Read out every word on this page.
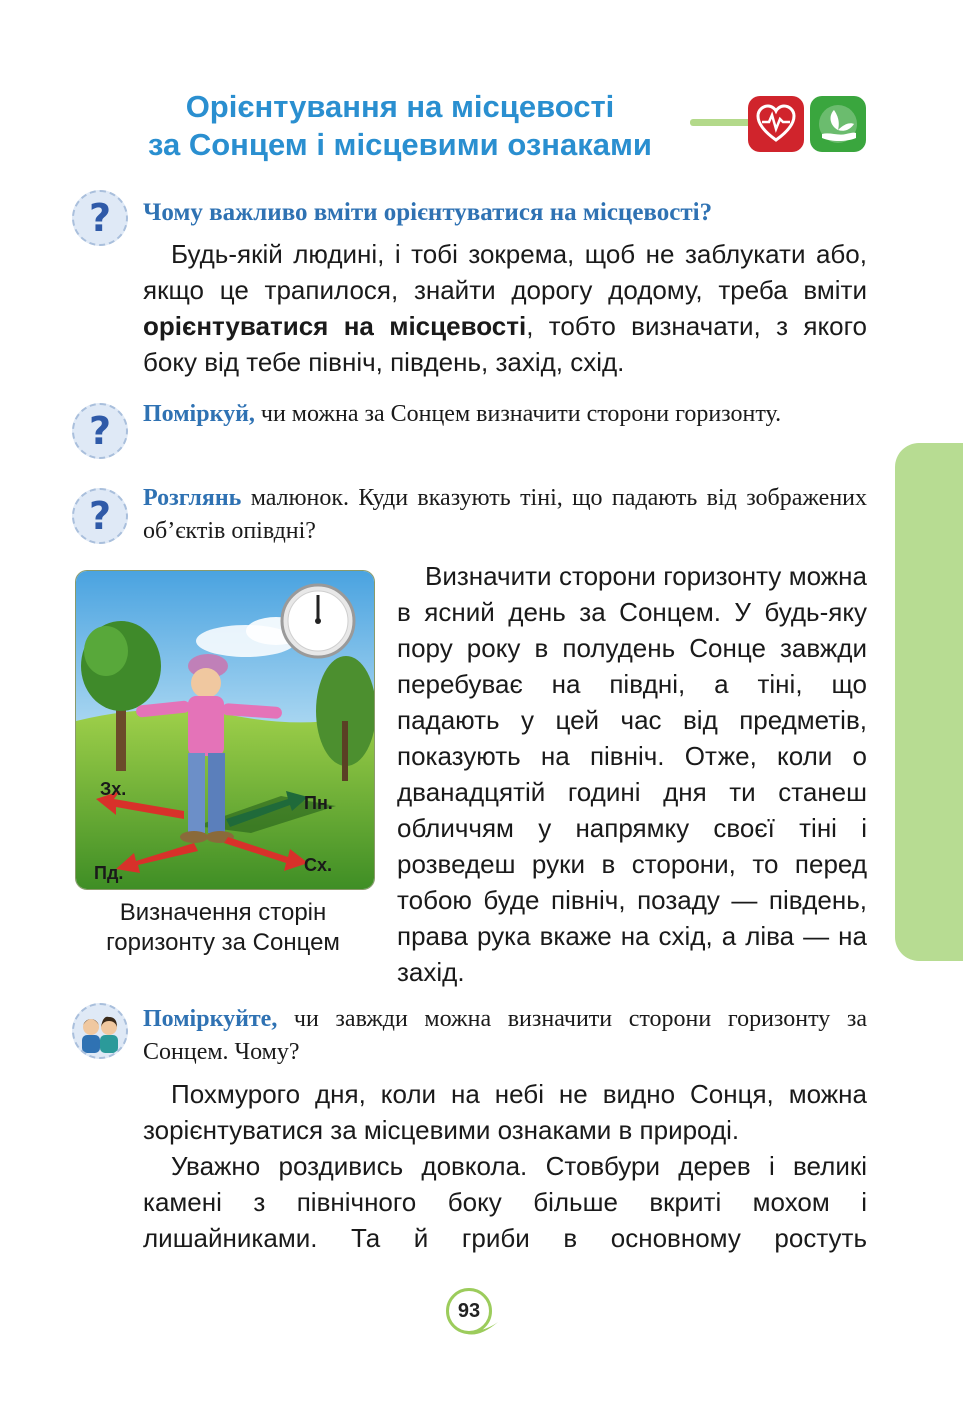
Орієнтування на місцевості
за Сонцем і місцевими ознаками
?	Чому важливо вміти орієнтуватися на місцевості?
Будь-якій людині, і тобі зокрема, щоб не заблукати або, якщо це трапилося, знайти дорогу додому, треба вміти орієнтуватися на місцевості, тобто визначати, з якого боку від тебе північ, південь, захід, схід.
?	Поміркуй, чи можна за Сонцем визначити сторони горизонту.
?	Розглянь малюнок. Куди вказують тіні, що падають від зображених об’єктів опівдні?
Зх.
Пн.
Пд.	Сх.
Визначення сторін
горизонту за Сонцем
Визначити сторони горизонту можна в ясний день за Сонцем. У будь-яку пору року в полудень Сонце завжди перебуває на півдні, а тіні, що падають у цей час від предметів, показують на північ. Отже, коли о дванадцятій годині дня ти станеш обличчям у напрямку своєї тіні і розведеш руки в сторони, то перед тобою буде північ, позаду — південь, права рука вкаже на схід, а ліва — на захід.
Поміркуйте, чи завжди можна визначити сторони горизонту за Сонцем. Чому?
Похмурого дня, коли на небі не видно Сонця, можна зорієнтуватися за місцевими ознаками в природі.
Уважно роздивись довкола. Стовбури дерев і великі камені з північного боку більше вкриті мохом і лишайниками. Та й гриби в основному ростуть
93
